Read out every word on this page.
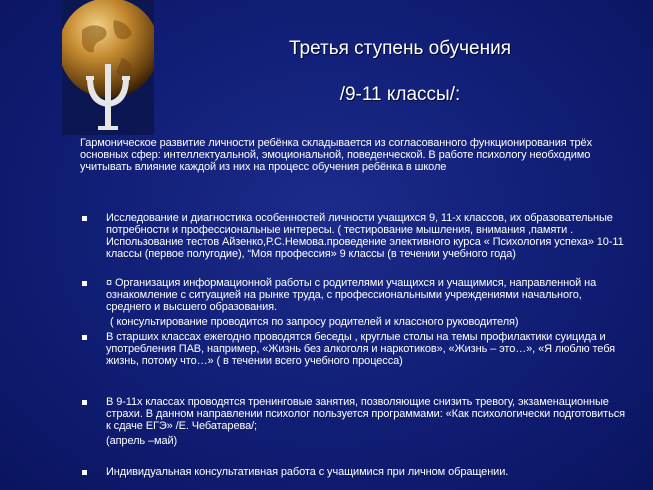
Третья ступень обучения
/9-11 классы/:
Гармоническое развитие личности ребёнка складывается из согласованного функционирования трёх основных сфер: интеллектуальной, эмоциональной, поведенческой. В работе психологу необходимо учитывать влияние каждой из них на процесс обучения ребёнка в школе
Исследование и диагностика особенностей личности учащихся 9, 11-х классов, их образовательные потребности и профессиональные интересы. ( тестирование мышления, внимания ,памяти . Использование тестов Айзенко,Р.С.Немова.проведение элективного курса « Психология успеха» 10-11 классы (первое полугодие), “Моя профессия» 9 классы (в течении учебного года)
¤ Организация информационной работы с родителями учащихся и учащимися, направленной на ознакомление с ситуацией на рынке труда, с профессиональными учреждениями начального, среднего и высшего образования.
( консультирование проводится по запросу родителей и классного руководителя)
В старших классах ежегодно проводятся беседы , круглые столы на темы профилактики суицида и употребления ПАВ, например, «Жизнь без алкоголя и наркотиков», «Жизнь – это…», «Я люблю тебя жизнь, потому что…» ( в течении всего учебного процесса)
В 9-11х классах проводятся тренинговые занятия, позволяющие снизить тревогу, экзаменационные страхи. В данном направлении психолог пользуется программами: «Как психологически подготовиться к сдаче ЕГЭ» /Е. Чебатарева/;
(апрель –май)
Индивидуальная консультативная работа с учащимися при личном обращении.
